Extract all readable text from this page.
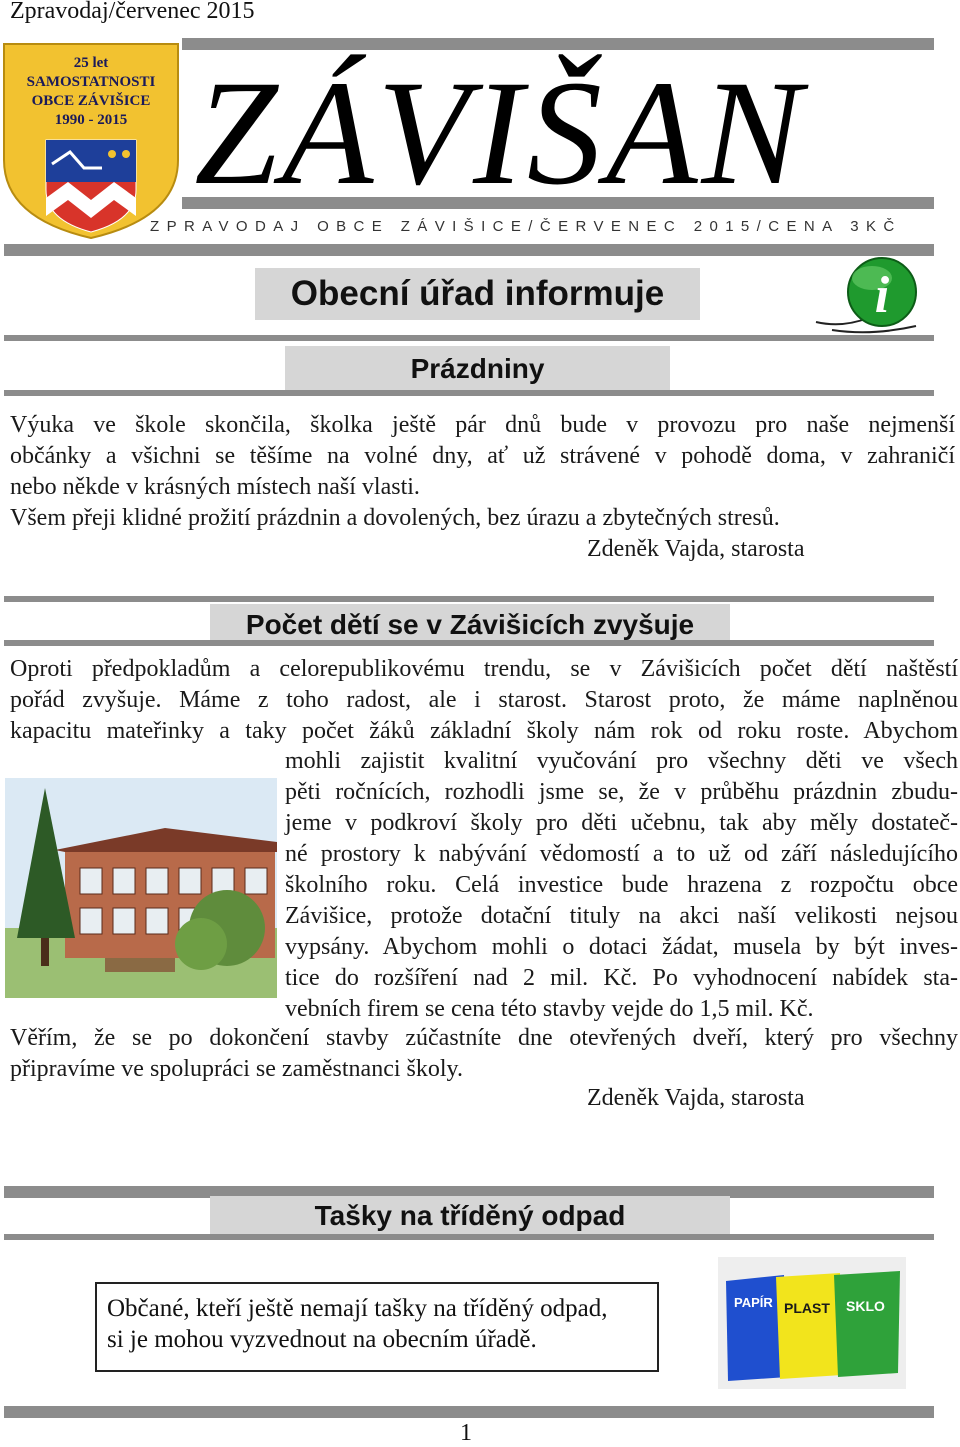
Zpravodaj/červenec 2015
25 let
SAMOSTATNOSTI
OBCE ZÁVIŠICE
1990 - 2015 ZÁVIŠAN
ZPRAVODAJ OBCE ZÁVIŠICE/ČERVENEC 2015/CENA 3KČ
Obecní úřad informuje	i
Prázdniny
Výuka ve škole skončila, školka ještě pár dnů bude v provozu pro naše nejmenší
občánky a všichni se těšíme na volné dny, ať už strávené v pohodě doma, v zahraničí
nebo někde v krásných místech naší vlasti.
Všem přeji klidné prožití prázdnin a dovolených, bez úrazu a zbytečných stresů.
Zdeněk Vajda, starosta
Počet dětí se v Závišicích zvyšuje
Oproti předpokladům a celorepublikovému trendu, se v Závišicích počet dětí naštěstí
pořád zvyšuje. Máme z toho radost, ale i starost. Starost proto, že máme naplněnou
kapacitu mateřinky a taky počet žáků základní školy nám rok od roku roste. Abychom
mohli zajistit kvalitní vyučování pro všechny děti ve všech
pěti ročnících, rozhodli jsme se, že v průběhu prázdnin zbudu-
jeme v podkroví školy pro děti učebnu, tak aby měly dostateč-
né prostory k nabývání vědomostí a to už od září následujícího
školního roku. Celá investice bude hrazena z rozpočtu obce
Závišice, protože dotační tituly na akci naší velikosti nejsou
vypsány. Abychom mohli o dotaci žádat, musela by být inves-
tice do rozšíření nad 2 mil. Kč. Po vyhodnocení nabídek sta-
vebních firem se cena této stavby vejde do 1,5 mil. Kč.
Věřím, že se po dokončení stavby zúčastníte dne otevřených dveří, který pro všechny
připravíme ve spolupráci se zaměstnanci školy.
Zdeněk Vajda, starosta
Tašky na tříděný odpad
Občané, kteří ještě nemají tašky na tříděný odpad,
si je mohou vyzvednout na obecním úřadě.
PAPÍR PLAST SKLO
1
